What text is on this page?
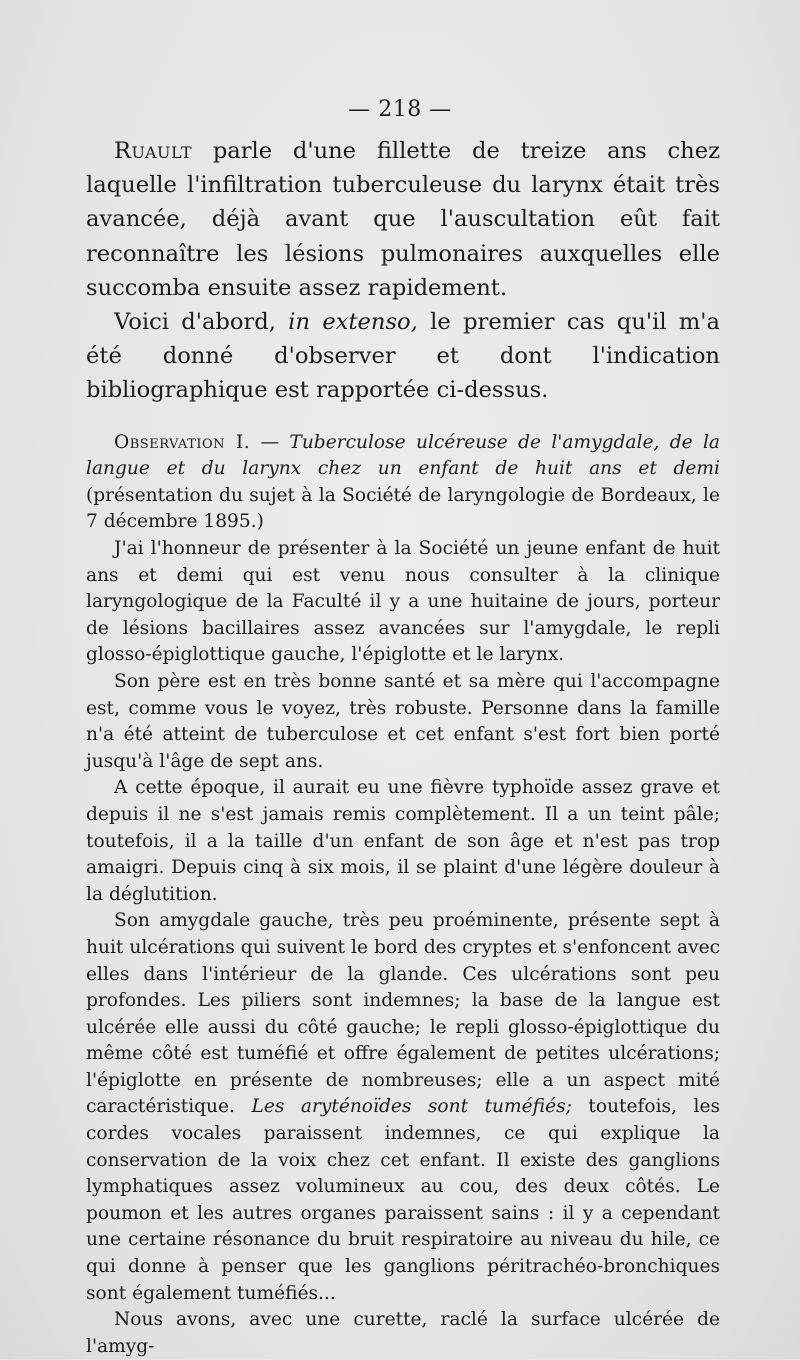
— 218 —

Ruault parle d'une fillette de treize ans chez laquelle l'infiltration tuberculeuse du larynx était très avancée, déjà avant que l'auscultation eût fait reconnaître les lésions pulmonaires auxquelles elle succomba ensuite assez rapidement.

Voici d'abord, in extenso, le premier cas qu'il m'a été donné d'observer et dont l'indication bibliographique est rapportée ci-dessus.

Observation I. — Tuberculose ulcéreuse de l'amygdale, de la langue et du larynx chez un enfant de huit ans et demi (présentation du sujet à la Société de laryngologie de Bordeaux, le 7 décembre 1895.)

J'ai l'honneur de présenter à la Société un jeune enfant de huit ans et demi qui est venu nous consulter à la clinique laryngologique de la Faculté il y a une huitaine de jours, porteur de lésions bacillaires assez avancées sur l'amygdale, le repli glosso-épiglottique gauche, l'épiglotte et le larynx.

Son père est en très bonne santé et sa mère qui l'accompagne est, comme vous le voyez, très robuste. Personne dans la famille n'a été atteint de tuberculose et cet enfant s'est fort bien porté jusqu'à l'âge de sept ans.

A cette époque, il aurait eu une fièvre typhoïde assez grave et depuis il ne s'est jamais remis complètement. Il a un teint pâle; toutefois, il a la taille d'un enfant de son âge et n'est pas trop amaigri. Depuis cinq à six mois, il se plaint d'une légère douleur à la déglutition.

Son amygdale gauche, très peu proéminente, présente sept à huit ulcérations qui suivent le bord des cryptes et s'enfoncent avec elles dans l'intérieur de la glande. Ces ulcérations sont peu profondes. Les piliers sont indemnes; la base de la langue est ulcérée elle aussi du côté gauche; le repli glosso-épiglottique du même côté est tuméfié et offre également de petites ulcérations; l'épiglotte en présente de nombreuses; elle a un aspect mité caractéristique. Les aryténoïdes sont tuméfiés; toutefois, les cordes vocales paraissent indemnes, ce qui explique la conservation de la voix chez cet enfant. Il existe des ganglions lymphatiques assez volumineux au cou, des deux côtés. Le poumon et les autres organes paraissent sains : il y a cependant une certaine résonance du bruit respiratoire au niveau du hile, ce qui donne à penser que les ganglions péritrachéo-bronchiques sont également tuméfiés...

Nous avons, avec une curette, raclé la surface ulcérée de l'amyg-
